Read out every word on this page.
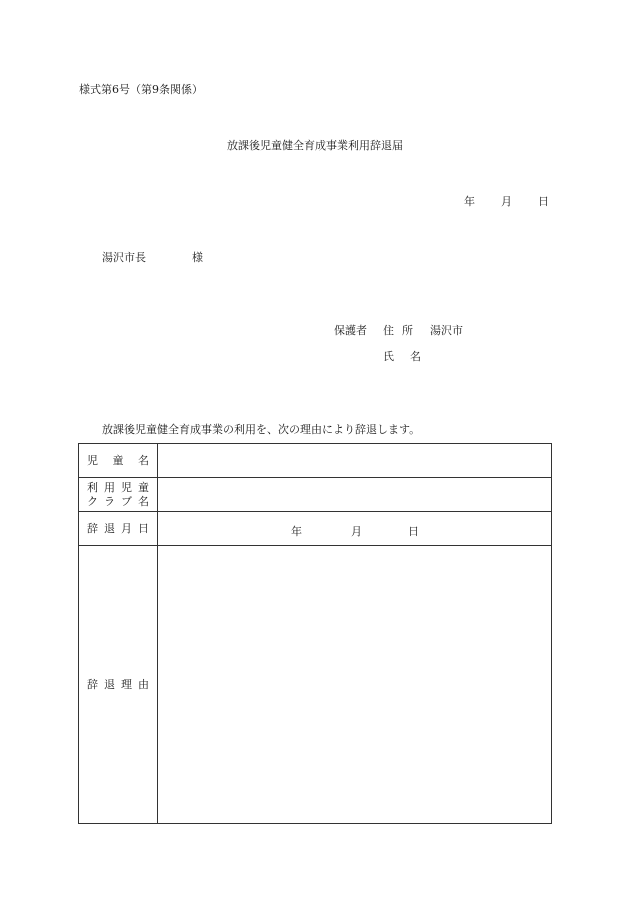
様式第6号（第9条関係）
放課後児童健全育成事業利用辞退届
年 月 日
湯沢市長	様
保護者 住所 湯沢市
氏名
放課後児童健全育成事業の利用を、次の理由により辞退します。
児 童 名
利 用 児 童
ク ラ ブ 名
辞 退 月 日	年	月	日
辞 退 理 由
